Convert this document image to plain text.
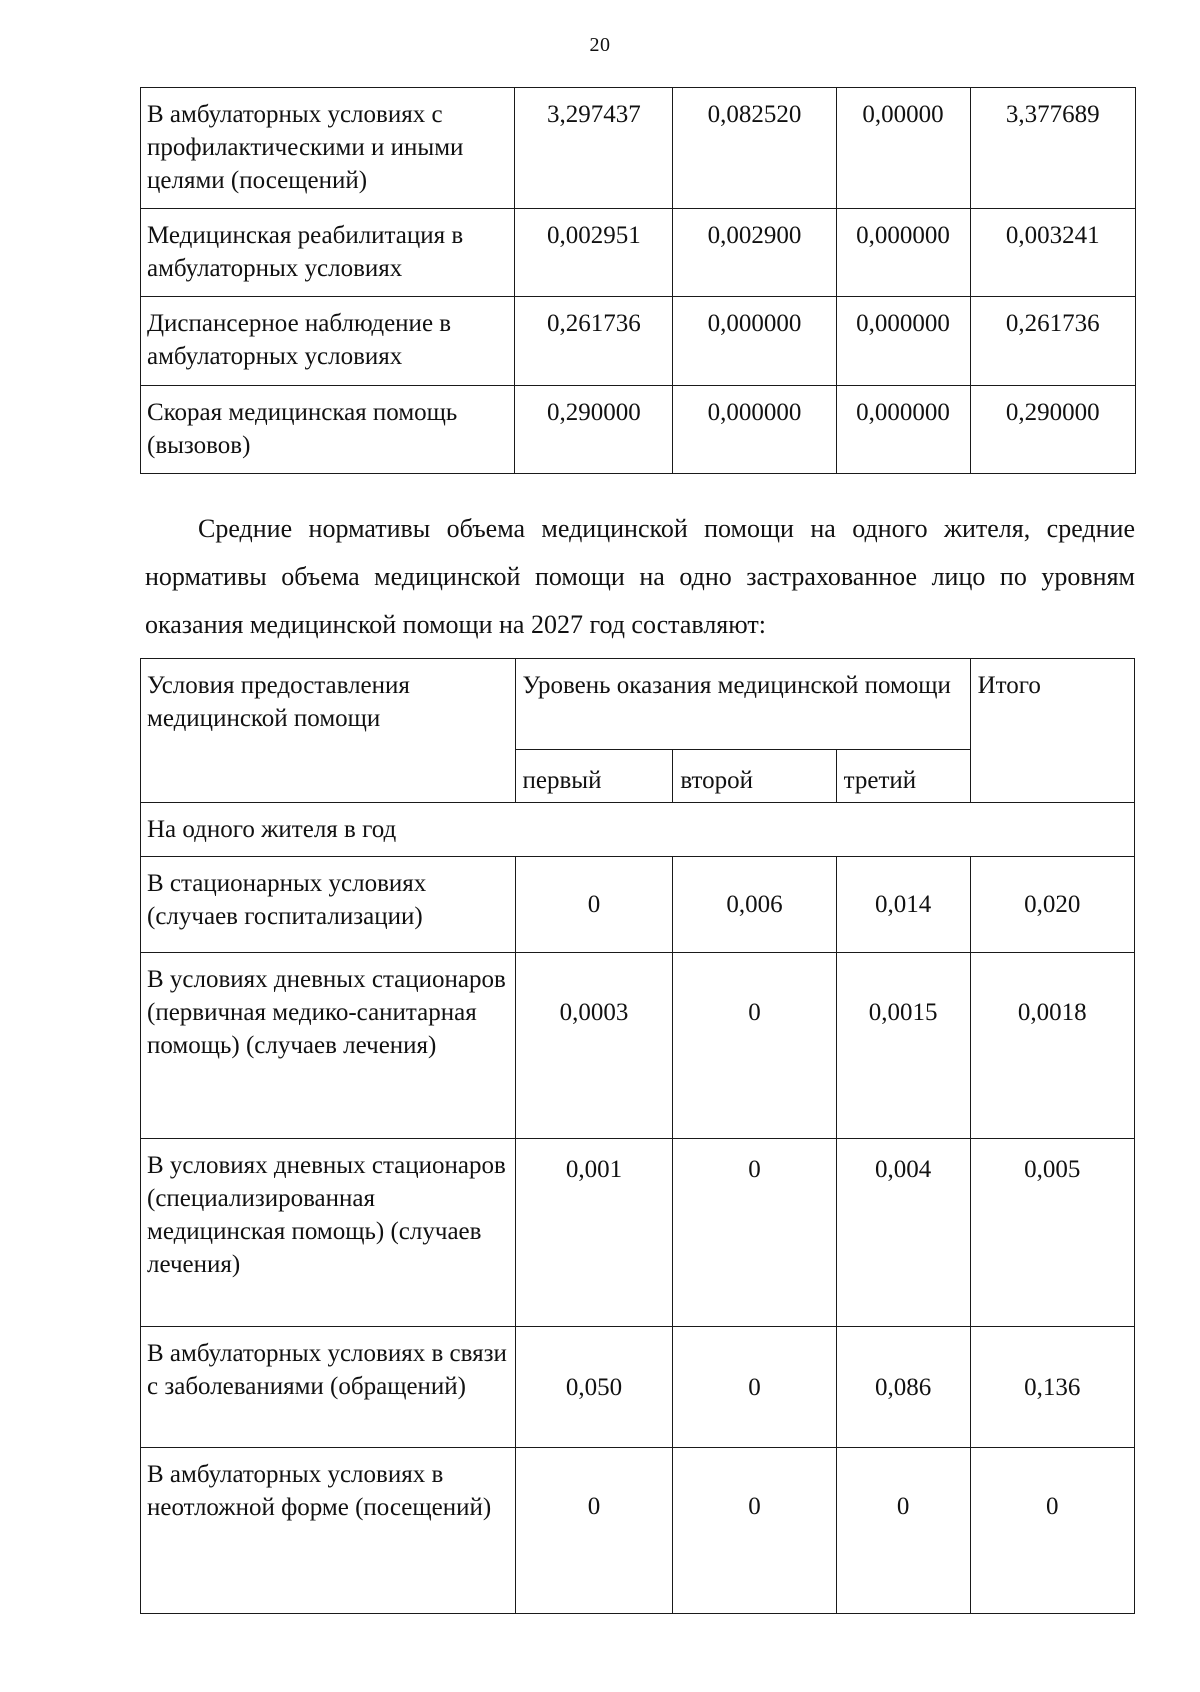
20
В амбулаторных условиях с профилактическими и иными целями (посещений)	3,297437	0,082520	0,00000	3,377689
Медицинская реабилитация в амбулаторных условиях	0,002951	0,002900	0,000000	0,003241
Диспансерное наблюдение в амбулаторных условиях	0,261736	0,000000	0,000000	0,261736
Скорая медицинская помощь (вызовов)	0,290000	0,000000	0,000000	0,290000
Средние нормативы объема медицинской помощи на одного жителя, средние нормативы объема медицинской помощи на одно застрахованное лицо по уровням оказания медицинской помощи на 2027 год составляют:
Условия предоставления медицинской помощи	Уровень оказания медицинской помощи			Итого
	первый	второй	третий	
На одного жителя в год				
В стационарных условиях (случаев госпитализации)	0	0,006	0,014	0,020
В условиях дневных стационаров (первичная медико-санитарная помощь) (случаев лечения)	0,0003	0	0,0015	0,0018
В условиях дневных стационаров (специализированная медицинская помощь) (случаев лечения)	0,001	0	0,004	0,005
В амбулаторных условиях в связи с заболеваниями (обращений)	0,050	0	0,086	0,136
В амбулаторных условиях в неотложной форме (посещений)	0	0	0	0
